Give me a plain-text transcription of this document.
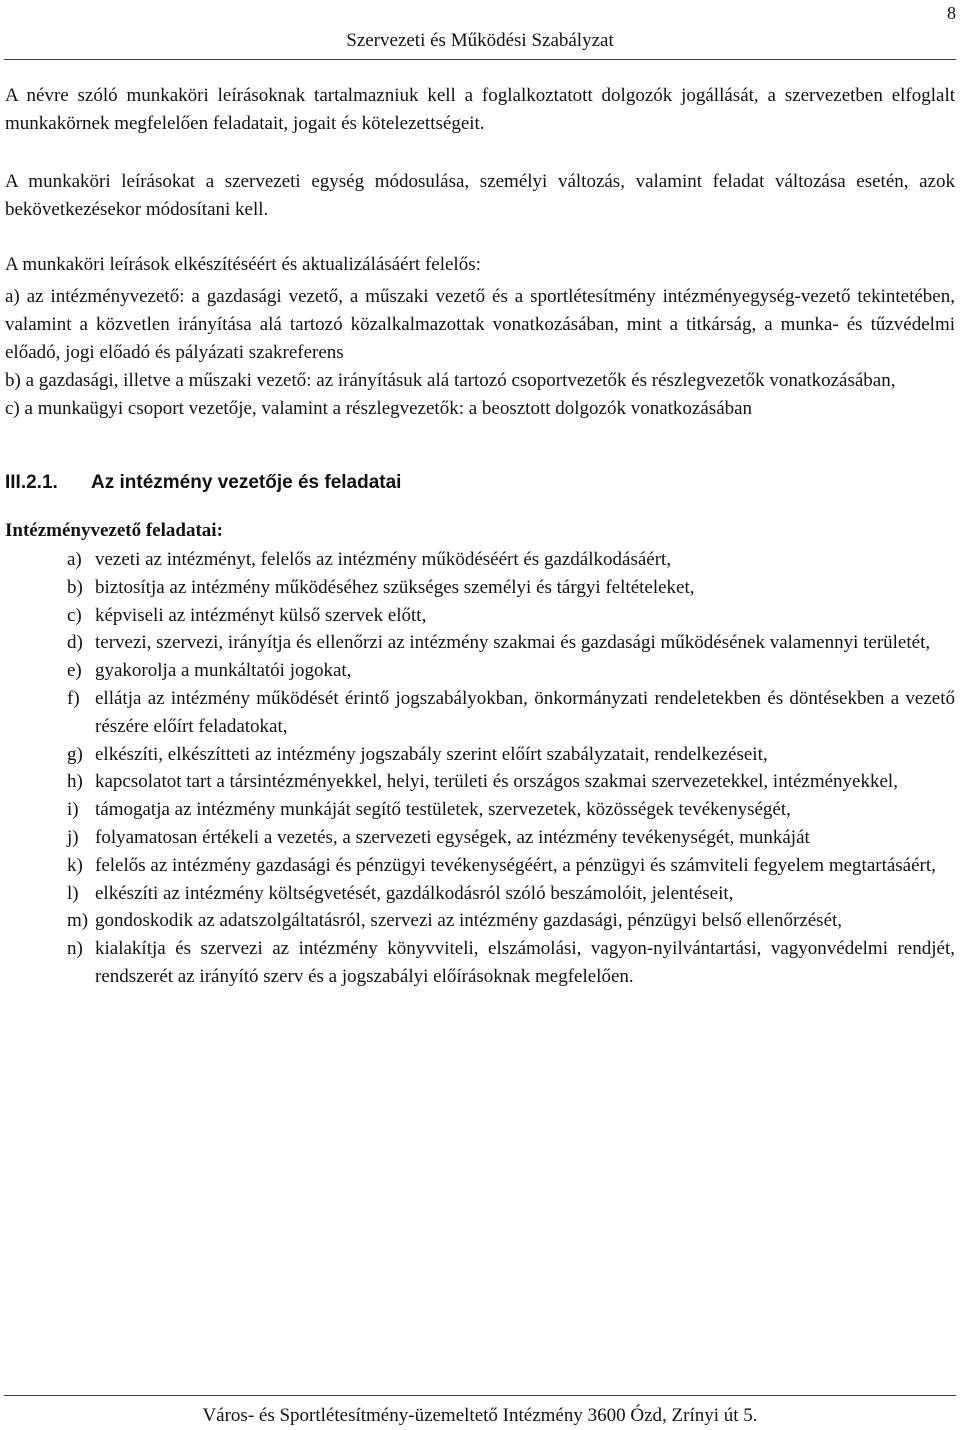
8
Szervezeti és Működési Szabályzat

A névre szóló munkaköri leírásoknak tartalmazniuk kell a foglalkoztatott dolgozók jogállását, a szervezetben elfoglalt munkakörnek megfelelően feladatait, jogait és kötelezettségeit.

A munkaköri leírásokat a szervezeti egység módosulása, személyi változás, valamint feladat változása esetén, azok bekövetkezésekor módosítani kell.

A munkaköri leírások elkészítéséért és aktualizálásáért felelős:

a) az intézményvezető: a gazdasági vezető, a műszaki vezető és a sportlétesítmény intézményegység-vezető tekintetében, valamint a közvetlen irányítása alá tartozó közalkalmazottak vonatkozásában, mint a titkárság, a munka- és tűzvédelmi előadó, jogi előadó és pályázati szakreferens

b) a gazdasági, illetve a műszaki vezető: az irányításuk alá tartozó csoportvezetők és részlegvezetők vonatkozásában,

c) a munkaügyi csoport vezetője, valamint a részlegvezetők: a beosztott dolgozók vonatkozásában

III.2.1. Az intézmény vezetője és feladatai
Intézményvezető feladatai:
a) vezeti az intézményt, felelős az intézmény működéséért és gazdálkodásáért,
b) biztosítja az intézmény működéséhez szükséges személyi és tárgyi feltételeket,
c) képviseli az intézményt külső szervek előtt,
d) tervezi, szervezi, irányítja és ellenőrzi az intézmény szakmai és gazdasági működésének valamennyi területét,
e) gyakorolja a munkáltatói jogokat,
f) ellátja az intézmény működését érintő jogszabályokban, önkormányzati rendeletekben és döntésekben a vezető részére előírt feladatokat,
g) elkészíti, elkészítteti az intézmény jogszabály szerint előírt szabályzatait, rendelkezéseit,
h) kapcsolatot tart a társintézményekkel, helyi, területi és országos szakmai szervezetekkel, intézményekkel,
i) támogatja az intézmény munkáját segítő testületek, szervezetek, közösségek tevékenységét,
j) folyamatosan értékeli a vezetés, a szervezeti egységek, az intézmény tevékenységét, munkáját
k) felelős az intézmény gazdasági és pénzügyi tevékenységéért, a pénzügyi és számviteli fegyelem megtartásáért,
l) elkészíti az intézmény költségvetését, gazdálkodásról szóló beszámolóit, jelentéseit,
m) gondoskodik az adatszolgáltatásról, szervezi az intézmény gazdasági, pénzügyi belső ellenőrzését,
n) kialakítja és szervezi az intézmény könyvviteli, elszámolási, vagyon-nyilvántartási, vagyonvédelmi rendjét, rendszerét az irányító szerv és a jogszabályi előírásoknak megfelelően.
Város- és Sportlétesítmény-üzemeltető Intézmény 3600 Ózd, Zrínyi út 5.
